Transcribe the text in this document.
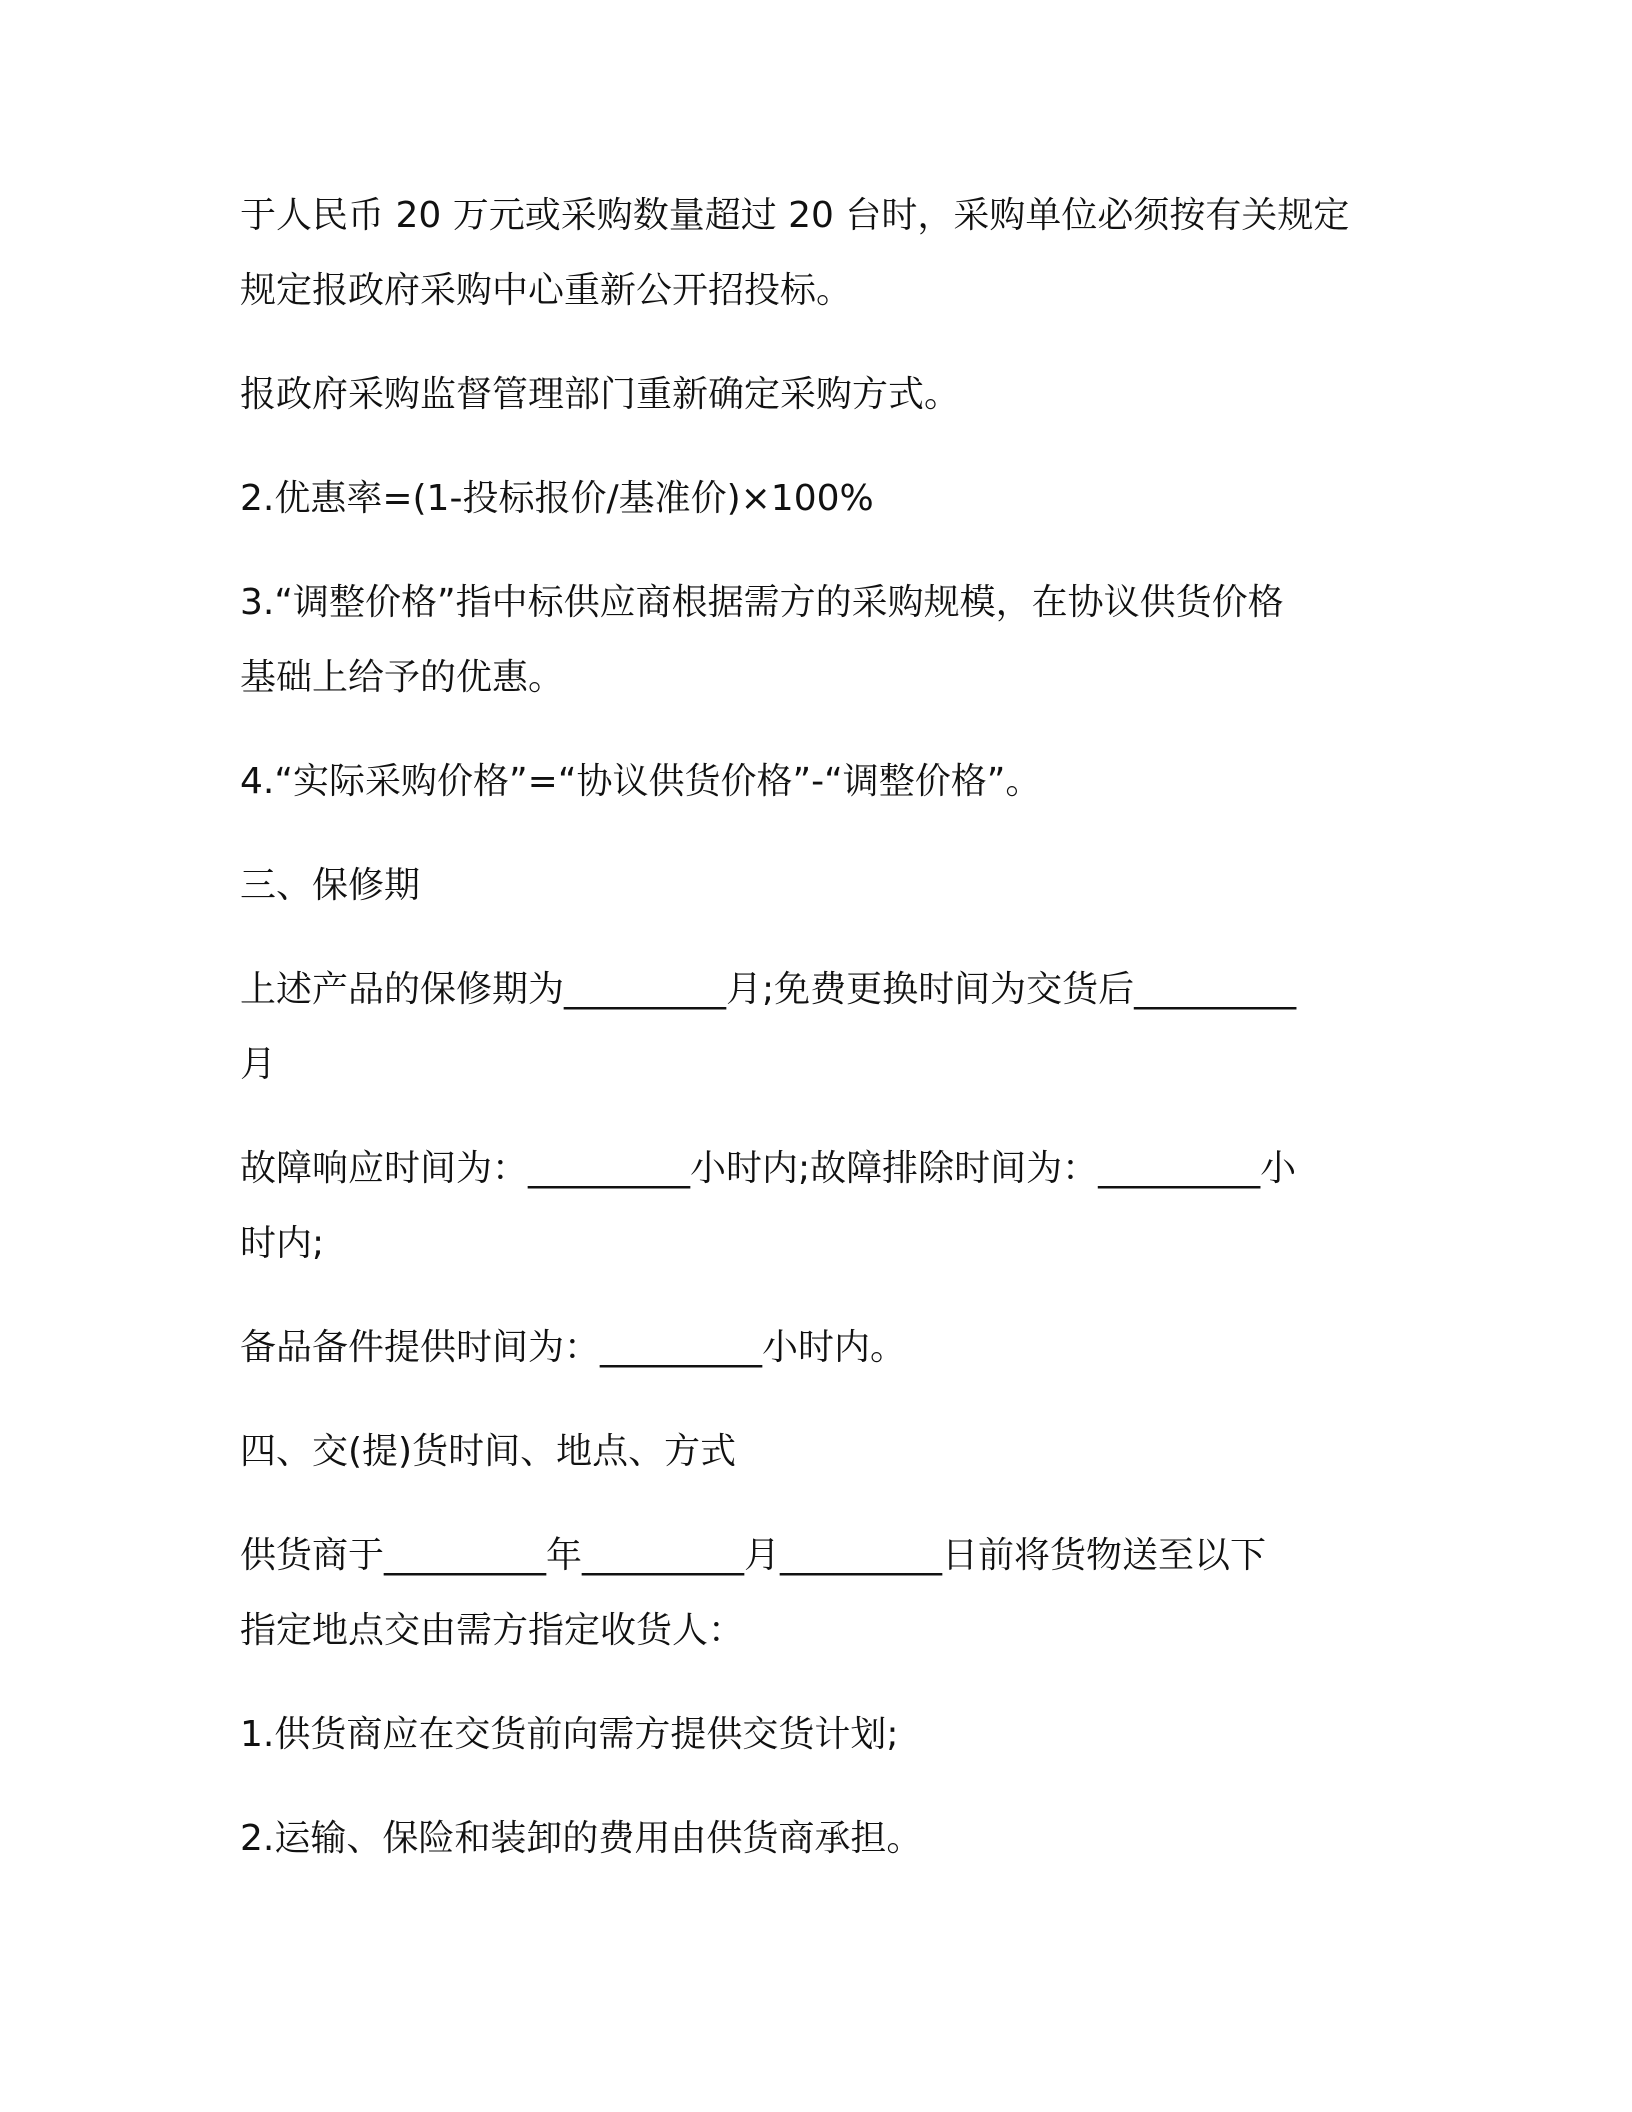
于人民币 20 万元或采购数量超过 20 台时，采购单位必须按有关规定
规定报政府采购中心重新公开招投标。

报政府采购监督管理部门重新确定采购方式。

2.优惠率=(1-投标报价/基准价)×100%

3.“调整价格”指中标供应商根据需方的采购规模，在协议供货价格
基础上给予的优惠。

4.“实际采购价格”=“协议供货价格”-“调整价格”。

三、保修期

上述产品的保修期为_________月;免费更换时间为交货后_________
月

故障响应时间为：_________小时内;故障排除时间为：_________小
时内;

备品备件提供时间为：_________小时内。

四、交(提)货时间、地点、方式

供货商于_________年_________月_________日前将货物送至以下
指定地点交由需方指定收货人：

1.供货商应在交货前向需方提供交货计划;

2.运输、保险和装卸的费用由供货商承担。
